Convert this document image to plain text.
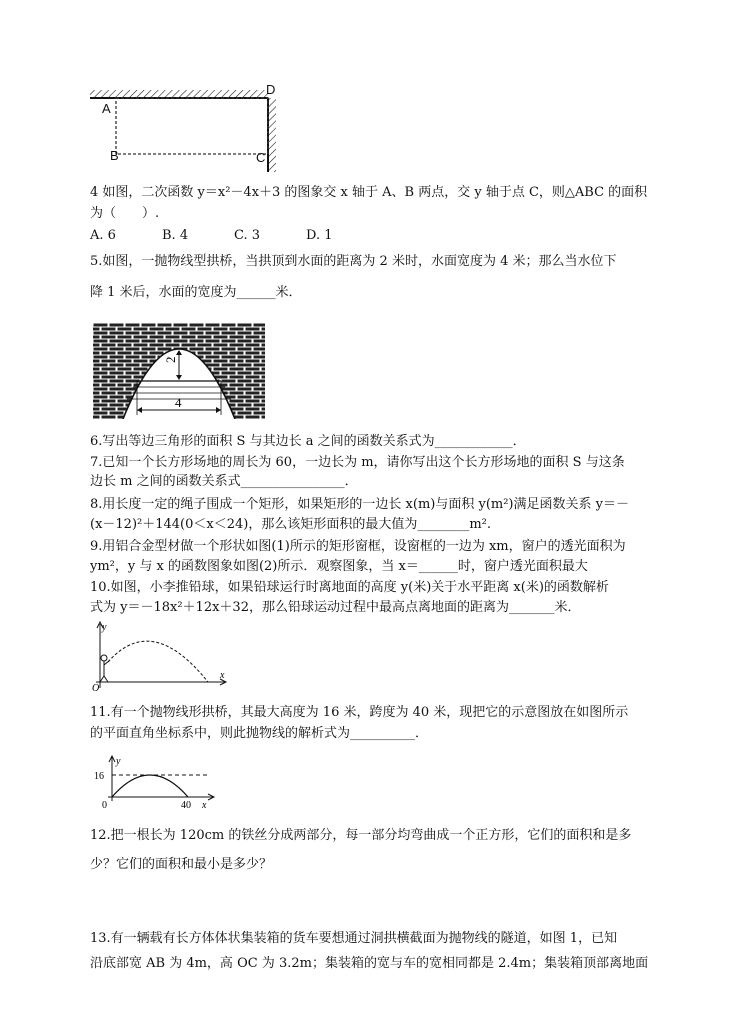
A
B	C
D
4 如图，二次函数 y＝x²－4x＋3 的图象交 x 轴于 A、B 两点，交 y 轴于点 C，则△ABC 的面积
为（　　）.
A. 6	B. 4	C. 3	D. 1
5.如图，一抛物线型拱桥，当拱顶到水面的距离为 2 米时，水面宽度为 4 米；那么当水位下
降 1 米后，水面的宽度为______米．
2
4
6.写出等边三角形的面积 S 与其边长 a 之间的函数关系式为____________．
7.已知一个长方形场地的周长为 60，一边长为 m，请你写出这个长方形场地的面积 S 与这条
边长 m 之间的函数关系式________________．
8.用长度一定的绳子围成一个矩形，如果矩形的一边长 x(m)与面积 y(m²)满足函数关系 y＝－
(x－12)²＋144(0＜x＜24)，那么该矩形面积的最大值为________m².
9.用铝合金型材做一个形状如图(1)所示的矩形窗框，设窗框的一边为 xm，窗户的透光面积为
ym²，y 与 x 的函数图象如图(2)所示．观察图象，当 x＝______时，窗户透光面积最大
10.如图，小李推铅球，如果铅球运行时离地面的高度 y(米)关于水平距离 x(米)的函数解析
式为 y＝－18x²＋12x＋32，那么铅球运动过程中最高点离地面的距离为_______米．
y
x
O
11.有一个抛物线形拱桥，其最大高度为 16 米，跨度为 40 米，现把它的示意图放在如图所示
的平面直角坐标系中，则此抛物线的解析式为__________．
y
16
0	40 x
12.把一根长为 120cm 的铁丝分成两部分，每一部分均弯曲成一个正方形，它们的面积和是多
少？它们的面积和最小是多少？
13.有一辆载有长方体体状集装箱的货车要想通过洞拱横截面为抛物线的隧道，如图 1，已知
沿底部宽 AB 为 4m，高 OC 为 3.2m；集装箱的宽与车的宽相同都是 2.4m；集装箱顶部离地面
